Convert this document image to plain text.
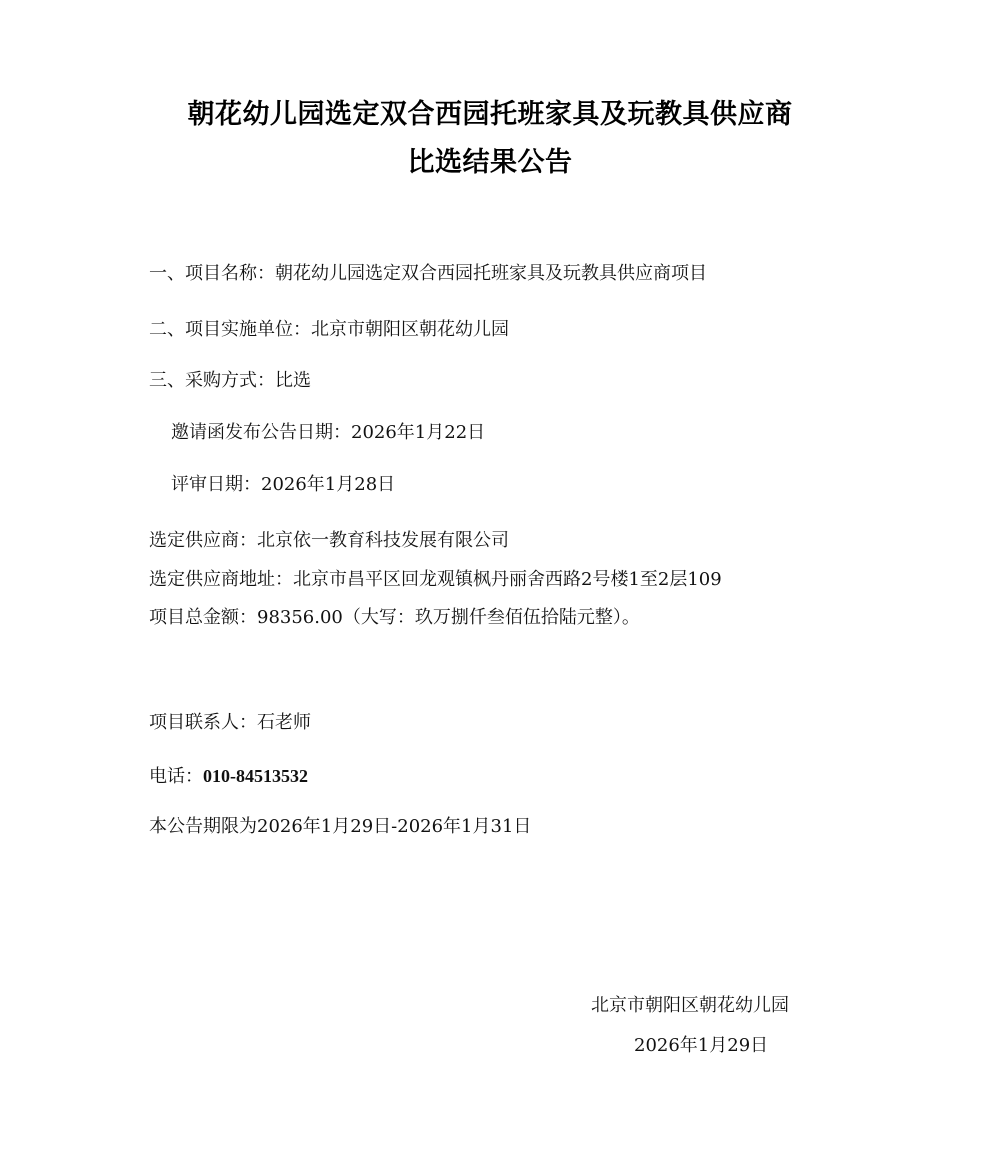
朝花幼儿园选定双合西园托班家具及玩教具供应商
比选结果公告
一、项目名称：朝花幼儿园选定双合西园托班家具及玩教具供应商项目
二、项目实施单位：北京市朝阳区朝花幼儿园
三、采购方式：比选
邀请函发布公告日期：2026年1月22日
评审日期：2026年1月28日
选定供应商：北京依一教育科技发展有限公司
选定供应商地址：北京市昌平区回龙观镇枫丹丽舍西路2号楼1至2层109
项目总金额：98356.00（大写：玖万捌仟叁佰伍拾陆元整）。
项目联系人：石老师
电话：010-84513532
本公告期限为2026年1月29日-2026年1月31日
北京市朝阳区朝花幼儿园
2026年1月29日
